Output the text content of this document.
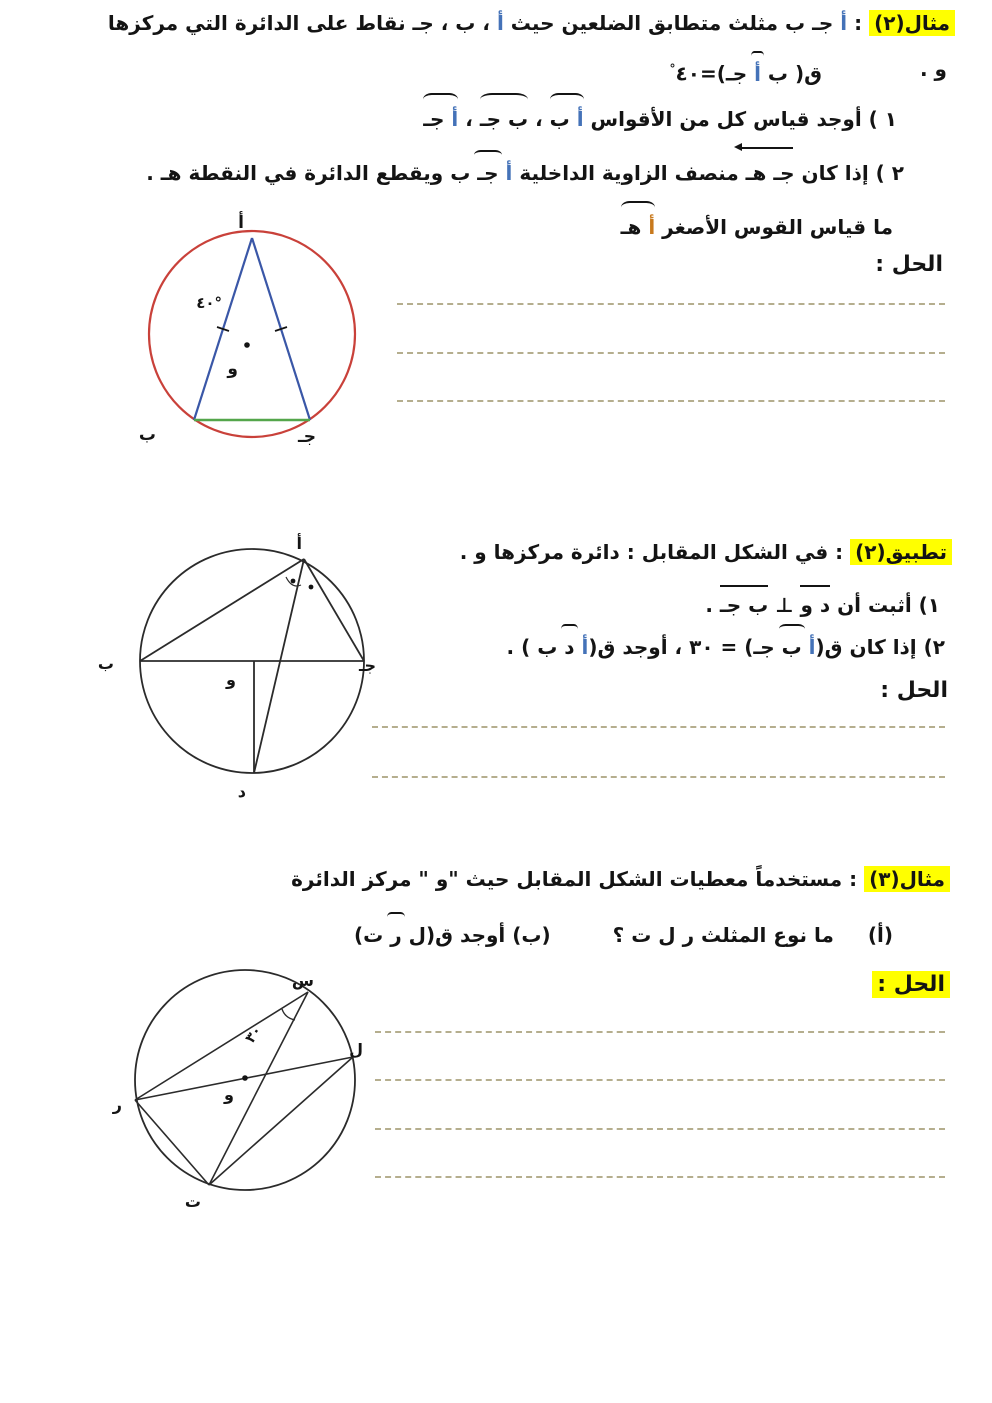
مثال(٢) : أ جـ ب مثلث متطابق الضلعين حيث أ ، ب ، جـ نقاط على الدائرة التي مركزها
و .
ق( ب أ جـ)=٤٠°
١ ) أوجد قياس كل من الأقواس أ ب ، ب جـ ، أ جـ
٢ ) إذا كان جـ هـ منصف الزاوية الداخلية أ جـ ب ويقطع الدائرة في النقطة هـ .
ما قياس القوس الأصغر أ هـ
الحل :
°٤٠
أ
ب	جـ
و
تطبيق(٢) : في الشكل المقابل : دائرة مركزها و .
١) أثبت أن د و ⊥ ب جـ .
٢) إذا كان ق(أ ب جـ) = ٣٠ ، أوجد ق(أ د ب ) .
الحل :
أ
ب	جـ
و
د
مثال(٣) : مستخدماً معطيات الشكل المقابل حيث "و " مركز الدائرة
(أ)ما نوع المثلث ر ل ت ؟(ب) أوجد ق(ل ر ت)
الحل :
٣٠
س
ل
ر
ت
و
